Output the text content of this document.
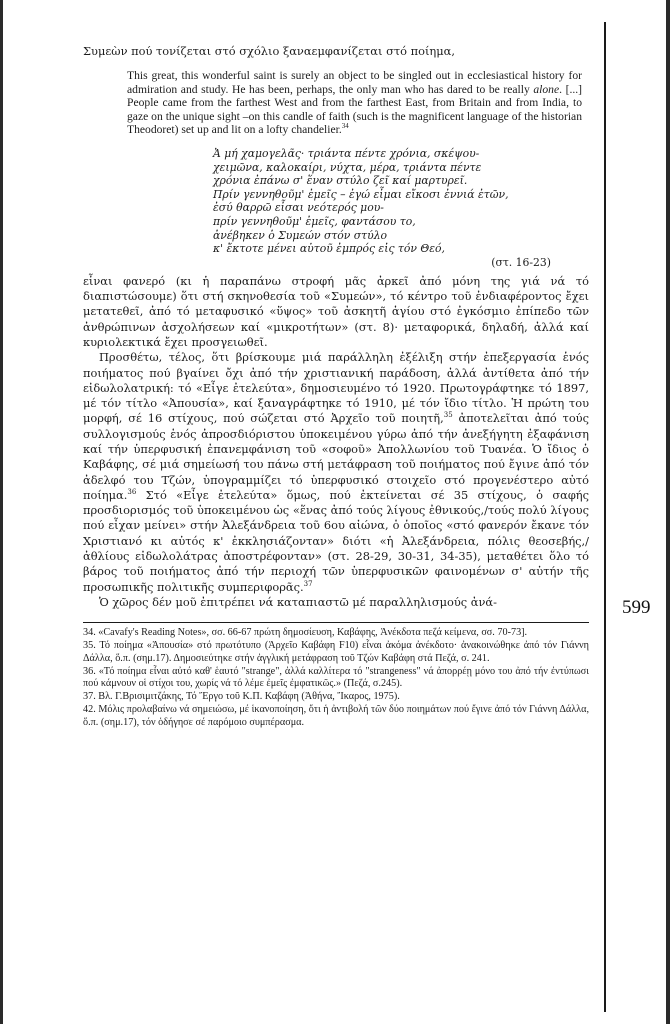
Συμεὼν πού τονίζεται στό σχόλιο ξαναεμφανίζεται στό ποίημα,
This great, this wonderful saint is surely an object to be singled out in ecclesiastical history for admiration and study. He has been, perhaps, the only man who has dared to be really alone. [...] People came from the farthest West and from the farthest East, from Britain and from India, to gaze on the unique sight –on this candle of faith (such is the magnificent language of the historian Theodoret) set up and lit on a lofty chandelier.$^{34}$
Ἀ μή χαμογελᾶς· τριάντα πέντε χρόνια, σκέψου-
χειμῶνα, καλοκαίρι, νύχτα, μέρα, τριάντα πέντε
χρόνια ἐπάνω σ' ἕναν στύλο ζεῖ καί μαρτυρεῖ.
Πρίν γεννηθοῦμ' ἐμεῖς – ἐγώ εἶμαι εἴκοσι ἐννιά ἐτῶν,
ἐσύ θαρρῶ εἶσαι νεότερός μου-
πρίν γεννηθοῦμ' ἐμεῖς, φαντάσου το,
ἀνέβηκεν ὁ Συμεών στόν στύλο
κ' ἔκτοτε μένει αὐτοῦ ἐμπρός εἰς τόν Θεό,
(στ. 16-23)

εἶναι φανερό (κι ἡ παραπάνω στροφή μᾶς ἀρκεῖ ἀπό μόνη της γιά νά τό διαπιστώσουμε) ὅτι στή σκηνοθεσία τοῦ «Συμεών», τό κέντρο τοῦ ἐνδιαφέροντος ἔχει μετατεθεῖ, ἀπό τό μεταφυσικό «ὕψος» τοῦ ἀσκητῆ ἁγίου στό ἐγκόσμιο ἐπίπεδο τῶν ἀνθρώπινων ἀσχολήσεων καί «μικροτήτων» (στ. 8)· μεταφορικά, δηλαδή, ἀλλά καί κυριολεκτικά ἔχει προσγειωθεῖ.

Προσθέτω, τέλος, ὅτι βρίσκουμε μιά παράλληλη ἐξέλιξη στήν ἐπεξεργασία ἑνός ποιήματος πού βγαίνει ὄχι ἀπό τήν χριστιανική παράδοση, ἀλλά ἀντίθετα ἀπό τήν εἰδωλολατρική: τό «Εἶγε ἐτελεύτα», δημοσιευμένο τό 1920. Πρωτογράφτηκε τό 1897, μέ τόν τίτλο «Ἀπουσία», καί ξαναγράφτηκε τό 1910, μέ τόν ἴδιο τίτλο. Ἡ πρώτη του μορφή, σέ 16 στίχους, πού σώζεται στό Ἀρχεῖο τοῦ ποιητῆ,$^{35}$ ἀποτελεῖται ἀπό τούς συλλογισμούς ἑνός ἀπροσδιόριστου ὑποκειμένου γύρω ἀπό τήν ἀνεξήγητη ἐξαφάνιση καί τήν ὑπερφυσική ἐπανεμφάνιση τοῦ «σοφοῦ» Ἀπολλωνίου τοῦ Τυανέα. Ὁ ἴδιος ὁ Καβάφης, σέ μιά σημείωσή του πάνω στή μετάφραση τοῦ ποιήματος πού ἔγινε ἀπό τόν ἀδελφό του Τζών, ὑπογραμμίζει τό ὑπερφυσικό στοιχεῖο στό προγενέστερο αὐτό ποίημα.$^{36}$ Στό «Εἶγε ἐτελεύτα» ὅμως, πού ἐκτείνεται σέ 35 στίχους, ὁ σαφής προσδιορισμός τοῦ ὑποκειμένου ὡς «ἕνας ἀπό τούς λίγους ἐθνικούς,/τούς πολύ λίγους πού εἶχαν μείνει» στήν Ἀλεξάνδρεια τοῦ 6ου αἰώνα, ὁ ὁποῖος «στό φανερόν ἔκανε τόν Χριστιανό κι αὐτός κ' ἐκκλησιάζονταν» διότι «ἡ Ἀλεξάνδρεια, πόλις θεοσεβής,/ἀθλίους εἰδωλολάτρας ἀποστρέφονταν» (στ. 28-29, 30-31, 34-35), μεταθέτει ὅλο τό βάρος τοῦ ποιήματος ἀπό τήν περιοχή τῶν ὑπερφυσικῶν φαινομένων σ' αὐτήν τῆς προσωπικῆς πολιτικῆς συμπεριφορᾶς.$^{37}$

Ὁ χῶρος δέν μοῦ ἐπιτρέπει νά καταπιαστῶ μέ παραλληλισμούς ἀνά-

34. «Cavafy's Reading Notes», σσ. 66-67 πρώτη δημοσίευση, Καβάφης, Ἀνέκδοτα πεζά κείμενα, σσ. 70-73].

35. Τό ποίημα «Ἀπουσία» στό πρωτότυπο (Ἀρχεῖο Καβάφη F10) εἶναι ἀκόμα ἀνέκδοτο· ἀνακοινώθηκε ἀπό τόν Γιάννη Δάλλα, ὅ.π. (σημ.17). Δημοσιεύτηκε στήν ἀγγλική μετάφραση τοῦ Τζών Καβάφη στά Πεζά, σ. 241.

36. «Τό ποίημα εἶναι αὐτό καθ' ἑαυτό "strange", ἀλλά καλλίτερα τό "strangeness" νά ἀπορρέῃ μόνο του ἀπό τήν ἐντύπωσι πού κάμνουν οἱ στίχοι του, χωρίς νά τό λέμε ἐμεῖς ἐμφατικῶς.» (Πεζά, σ.245).

37. Βλ. Γ.Βρισιμιτζάκης, Τό Ἔργο τοῦ Κ.Π. Καβάφη (Ἀθήνα, Ἴκαρος, 1975).

42. Μόλις προλαβαίνω νά σημειώσω, μέ ἱκανοποίηση, ὅτι ἡ ἀντιβολή τῶν δύο ποιημάτων πού ἔγινε ἀπό τόν Γιάννη Δάλλα, ὅ.π. (σημ.17), τόν ὁδήγησε σέ παρόμοιο συμπέρασμα.

599
